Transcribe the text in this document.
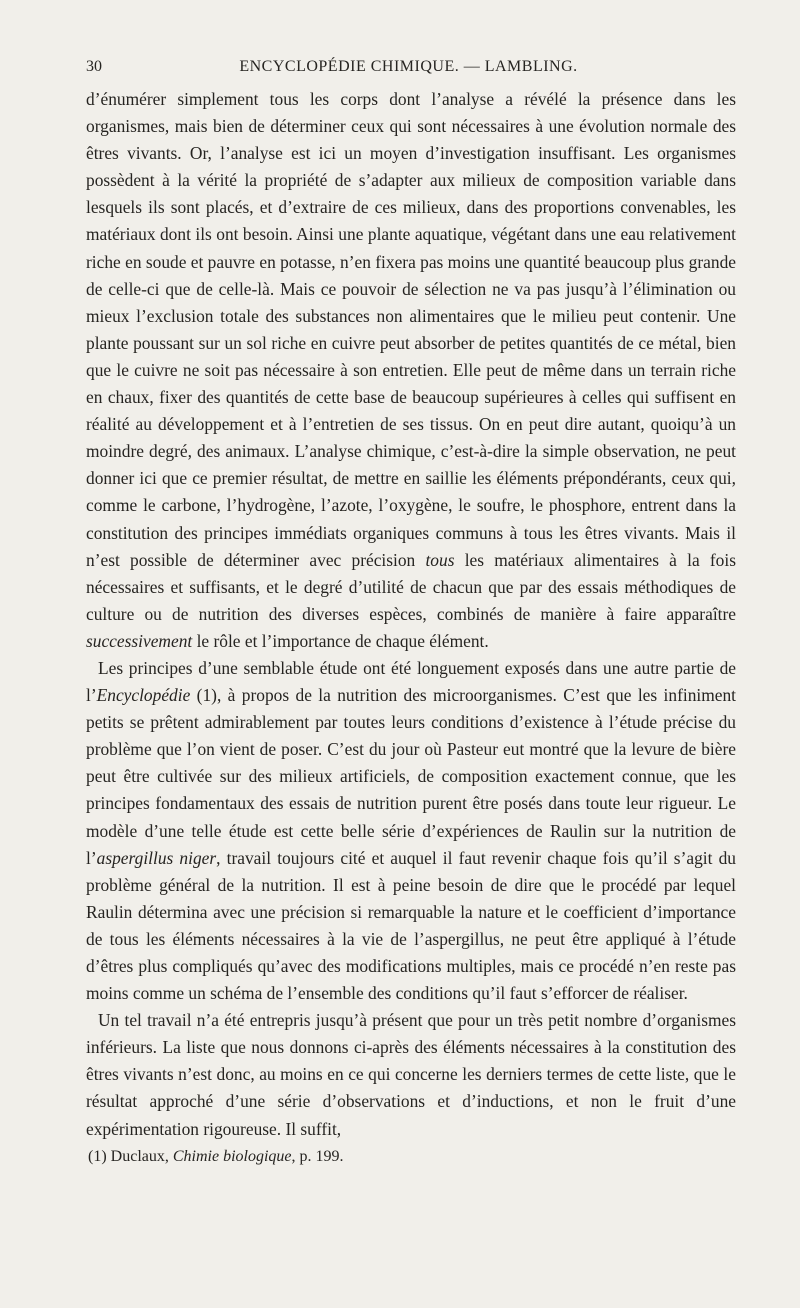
30	ENCYCLOPÉDIE CHIMIQUE. — LAMBLING.

d’énumérer simplement tous les corps dont l’analyse a révélé la présence dans les organismes, mais bien de déterminer ceux qui sont nécessaires à une évolution normale des êtres vivants. Or, l’analyse est ici un moyen d’investigation insuffisant. Les organismes possèdent à la vérité la propriété de s’adapter aux milieux de composition variable dans lesquels ils sont placés, et d’extraire de ces milieux, dans des proportions convenables, les matériaux dont ils ont besoin. Ainsi une plante aquatique, végétant dans une eau relativement riche en soude et pauvre en potasse, n’en fixera pas moins une quantité beaucoup plus grande de celle-ci que de celle-là. Mais ce pouvoir de sélection ne va pas jusqu’à l’élimination ou mieux l’exclusion totale des substances non alimentaires que le milieu peut contenir. Une plante poussant sur un sol riche en cuivre peut absorber de petites quantités de ce métal, bien que le cuivre ne soit pas nécessaire à son entretien. Elle peut de même dans un terrain riche en chaux, fixer des quantités de cette base de beaucoup supérieures à celles qui suffisent en réalité au développement et à l’entretien de ses tissus. On en peut dire autant, quoiqu’à un moindre degré, des animaux. L’analyse chimique, c’est-à-dire la simple observation, ne peut donner ici que ce premier résultat, de mettre en saillie les éléments prépondérants, ceux qui, comme le carbone, l’hydrogène, l’azote, l’oxygène, le soufre, le phosphore, entrent dans la constitution des principes immédiats organiques communs à tous les êtres vivants. Mais il n’est possible de déterminer avec précision tous les matériaux alimentaires à la fois nécessaires et suffisants, et le degré d’utilité de chacun que par des essais méthodiques de culture ou de nutrition des diverses espèces, combinés de manière à faire apparaître successivement le rôle et l’importance de chaque élément.

Les principes d’une semblable étude ont été longuement exposés dans une autre partie de l’Encyclopédie (1), à propos de la nutrition des microorganismes. C’est que les infiniment petits se prêtent admirablement par toutes leurs conditions d’existence à l’étude précise du problème que l’on vient de poser. C’est du jour où Pasteur eut montré que la levure de bière peut être cultivée sur des milieux artificiels, de composition exactement connue, que les principes fondamentaux des essais de nutrition purent être posés dans toute leur rigueur. Le modèle d’une telle étude est cette belle série d’expériences de Raulin sur la nutrition de l’aspergillus niger, travail toujours cité et auquel il faut revenir chaque fois qu’il s’agit du problème général de la nutrition. Il est à peine besoin de dire que le procédé par lequel Raulin détermina avec une précision si remarquable la nature et le coefficient d’importance de tous les éléments nécessaires à la vie de l’aspergillus, ne peut être appliqué à l’étude d’êtres plus compliqués qu’avec des modifications multiples, mais ce procédé n’en reste pas moins comme un schéma de l’ensemble des conditions qu’il faut s’efforcer de réaliser.

Un tel travail n’a été entrepris jusqu’à présent que pour un très petit nombre d’organismes inférieurs. La liste que nous donnons ci-après des éléments nécessaires à la constitution des êtres vivants n’est donc, au moins en ce qui concerne les derniers termes de cette liste, que le résultat approché d’une série d’observations et d’inductions, et non le fruit d’une expérimentation rigoureuse. Il suffit,

(1) Duclaux, Chimie biologique, p. 199.
